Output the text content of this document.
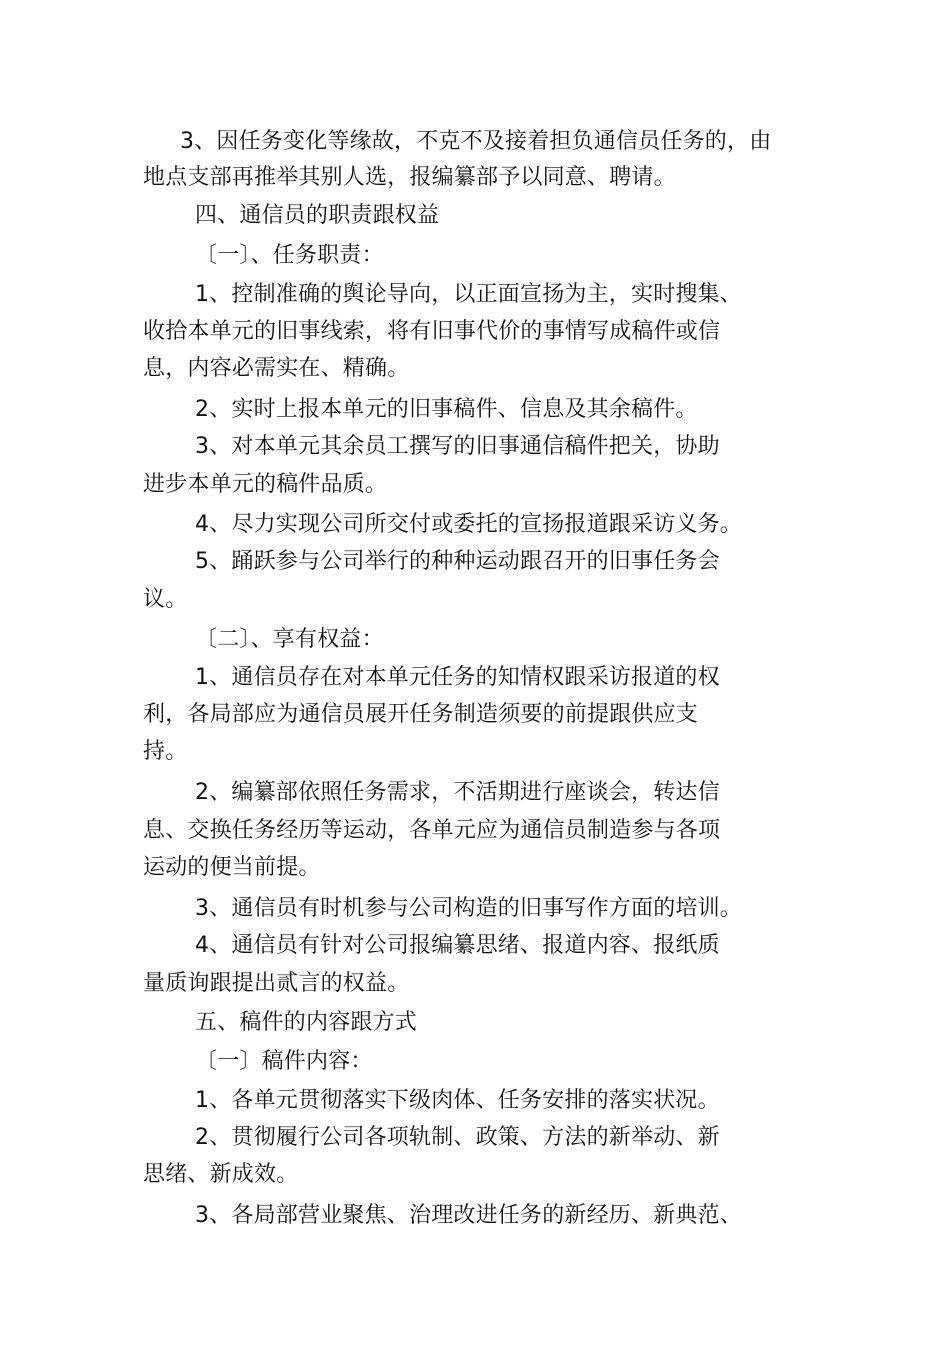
3、因任务变化等缘故，不克不及接着担负通信员任务的，由
地点支部再推举其别人选，报编纂部予以同意、聘请。
四、通信员的职责跟权益
〔一〕、任务职责：
1、控制准确的舆论导向，以正面宣扬为主，实时搜集、
收拾本单元的旧事线索，将有旧事代价的事情写成稿件或信
息，内容必需实在、精确。
2、实时上报本单元的旧事稿件、信息及其余稿件。
3、对本单元其余员工撰写的旧事通信稿件把关，协助
进步本单元的稿件品质。
4、尽力实现公司所交付或委托的宣扬报道跟采访义务。
5、踊跃参与公司举行的种种运动跟召开的旧事任务会
议。
〔二〕、享有权益：
1、通信员存在对本单元任务的知情权跟采访报道的权
利，各局部应为通信员展开任务制造须要的前提跟供应支
持。
2、编纂部依照任务需求，不活期进行座谈会，转达信
息、交换任务经历等运动，各单元应为通信员制造参与各项
运动的便当前提。
3、通信员有时机参与公司构造的旧事写作方面的培训。
4、通信员有针对公司报编纂思绪、报道内容、报纸质
量质询跟提出贰言的权益。
五、稿件的内容跟方式
〔一〕稿件内容：
1、各单元贯彻落实下级肉体、任务安排的落实状况。
2、贯彻履行公司各项轨制、政策、方法的新举动、新
思绪、新成效。
3、各局部营业聚焦、治理改进任务的新经历、新典范、
